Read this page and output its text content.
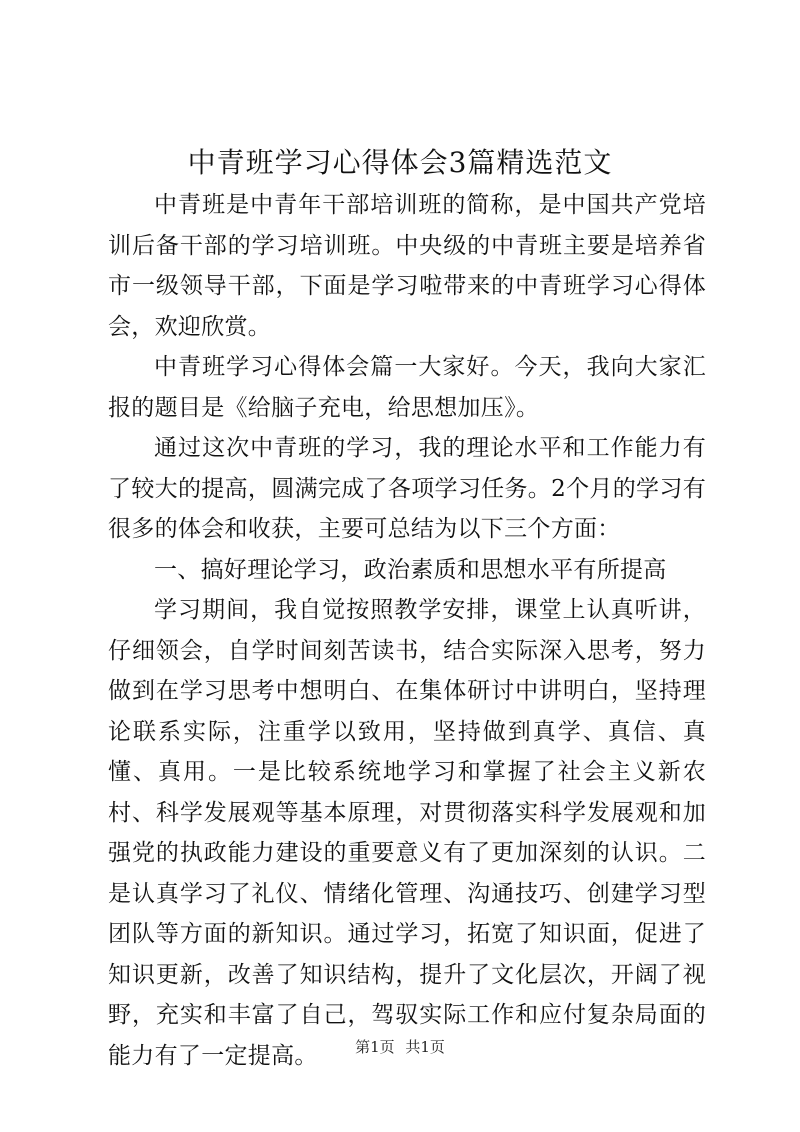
中青班学习心得体会3篇精选范文

中青班是中青年干部培训班的简称，是中国共产党培训后备干部的学习培训班。中央级的中青班主要是培养省市一级领导干部，下面是学习啦带来的中青班学习心得体会，欢迎欣赏。

中青班学习心得体会篇一大家好。今天，我向大家汇报的题目是《给脑子充电，给思想加压》。

通过这次中青班的学习，我的理论水平和工作能力有了较大的提高，圆满完成了各项学习任务。2个月的学习有很多的体会和收获，主要可总结为以下三个方面：

一、搞好理论学习，政治素质和思想水平有所提高

学习期间，我自觉按照教学安排，课堂上认真听讲，仔细领会，自学时间刻苦读书，结合实际深入思考，努力做到在学习思考中想明白、在集体研讨中讲明白，坚持理论联系实际，注重学以致用，坚持做到真学、真信、真懂、真用。一是比较系统地学习和掌握了社会主义新农村、科学发展观等基本原理，对贯彻落实科学发展观和加强党的执政能力建设的重要意义有了更加深刻的认识。二是认真学习了礼仪、情绪化管理、沟通技巧、创建学习型团队等方面的新知识。通过学习，拓宽了知识面，促进了知识更新，改善了知识结构，提升了文化层次，开阔了视野，充实和丰富了自己，驾驭实际工作和应付复杂局面的能力有了一定提高。	第1页 共1页
